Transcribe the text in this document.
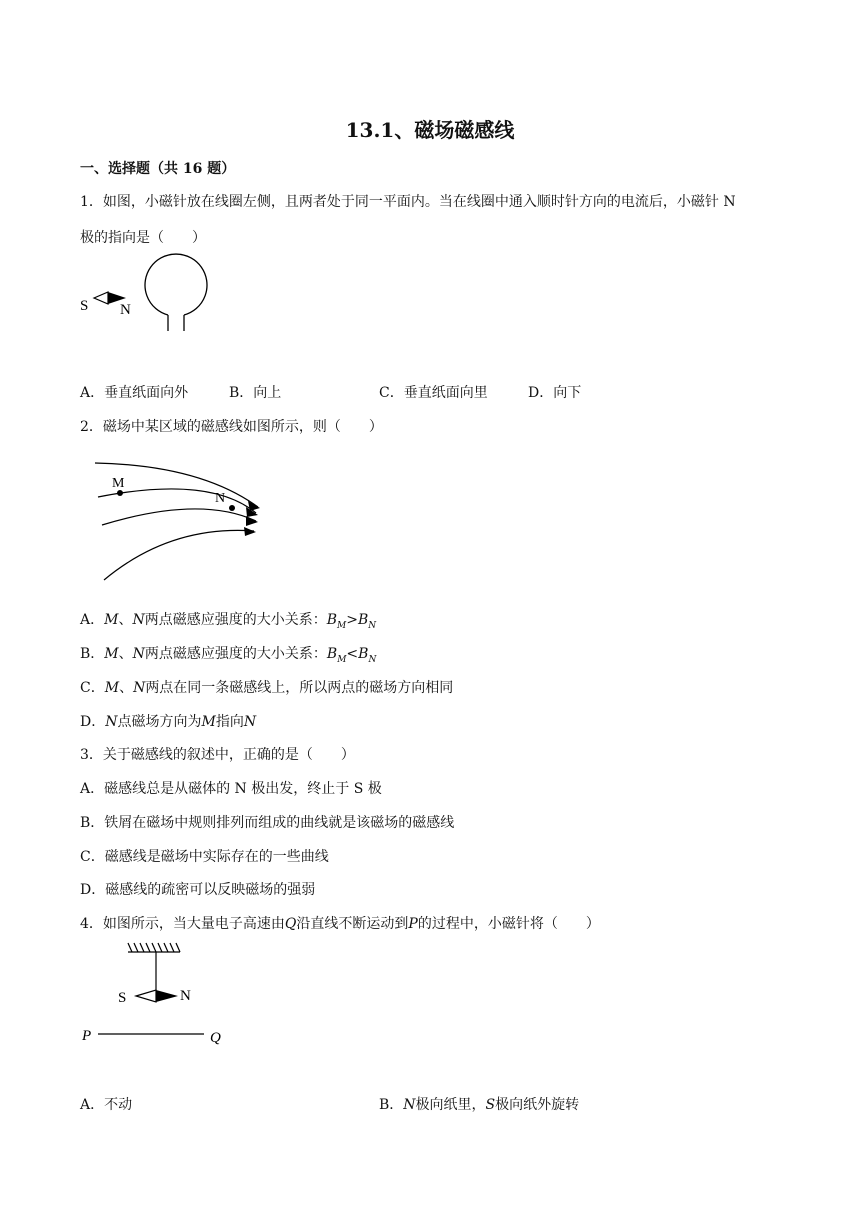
13.1、磁场磁感线
一、选择题（共 16 题）
1．如图，小磁针放在线圈左侧，且两者处于同一平面内。当在线圈中通入顺时针方向的电流后，小磁针 N
极的指向是（　　）
S N
A．垂直纸面向外	B．向上	C．垂直纸面向里	D．向下
2．磁场中某区域的磁感线如图所示，则（　　）
M
N
A．M、N两点磁感应强度的大小关系：$B_M>B_N$
B．M、N两点磁感应强度的大小关系：$B_M<B_N$
C．M、N两点在同一条磁感线上，所以两点的磁场方向相同
D．N点磁场方向为M指向N
3．关于磁感线的叙述中，正确的是（　　）
A．磁感线总是从磁体的 N 极出发，终止于 S 极
B．铁屑在磁场中规则排列而组成的曲线就是该磁场的磁感线
C．磁感线是磁场中实际存在的一些曲线
D．磁感线的疏密可以反映磁场的强弱
4．如图所示，当大量电子高速由Q沿直线不断运动到P的过程中，小磁针将（　　）
S	N
P	Q
A．不动	B．N极向纸里，S极向纸外旋转
